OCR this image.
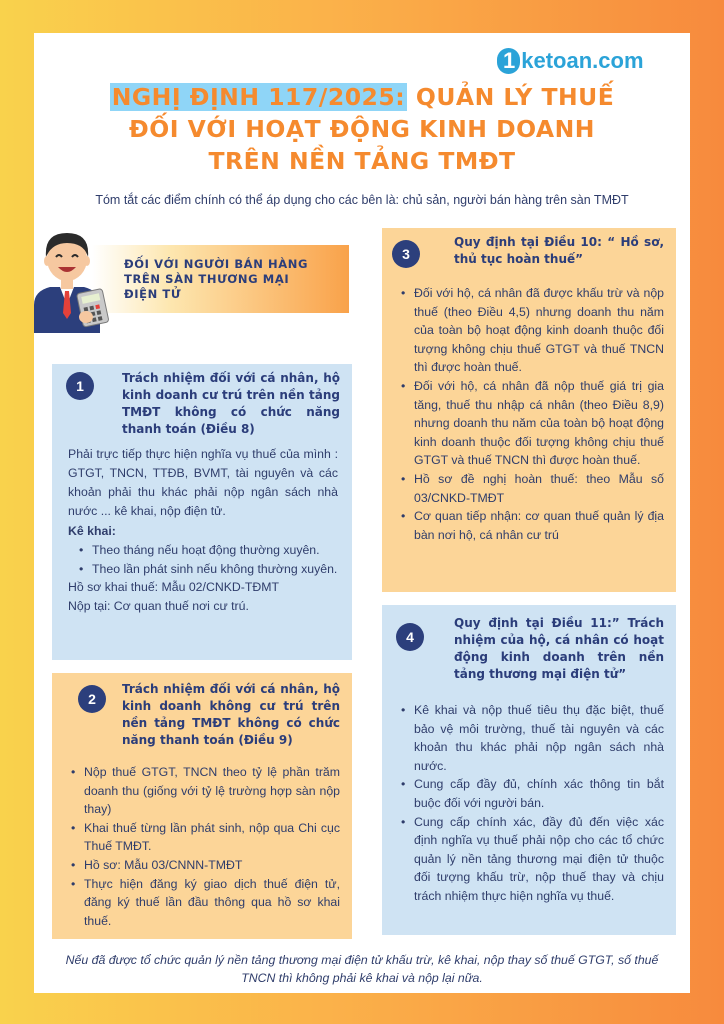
1 ketoan.com
NGHỊ ĐỊNH 117/2025: QUẢN LÝ THUẾ
ĐỐI VỚI HOẠT ĐỘNG KINH DOANH
TRÊN NỀN TẢNG TMĐT
Tóm tắt các điểm chính có thể áp dụng cho các bên là: chủ sản, người bán hàng trên sàn TMĐT
ĐỐI VỚI NGƯỜI BÁN HÀNG
TRÊN SÀN THƯƠNG MẠI
ĐIỆN TỬ
1	Trách nhiệm đối với cá nhân, hộ kinh doanh cư trú trên nền tảng TMĐT không có chức năng thanh toán (Điều 8)

Phải trực tiếp thực hiện nghĩa vụ thuế của mình : GTGT, TNCN, TTĐB, BVMT, tài nguyên và các khoản phải thu khác phải nộp ngân sách nhà nước ... kê khai, nộp điện tử.

Kê khai:

• Theo tháng nếu hoạt động thường xuyên.
• Theo lần phát sinh nếu không thường xuyên.

Hồ sơ khai thuế: Mẫu 02/CNKD-TĐMT

Nộp tại: Cơ quan thuế nơi cư trú.

2
Trách nhiệm đối với cá nhân, hộ kinh doanh không cư trú trên nền tảng TMĐT không có chức năng thanh toán (Điều 9)
• Nộp thuế GTGT, TNCN theo tỷ lệ phần trăm doanh thu (giống với tỷ lệ trường hợp sàn nộp thay)
• Khai thuế từng lần phát sinh, nộp qua Chi cục Thuế TMĐT.
• Hồ sơ: Mẫu 03/CNNN-TMĐT
• Thực hiện đăng ký giao dịch thuế điện tử, đăng ký thuế lần đầu thông qua hồ sơ khai thuế.
3
Quy định tại Điều 10: “ Hồ sơ, thủ tục hoàn thuế”
• Đối với hộ, cá nhân đã được khấu trừ và nộp thuế (theo Điều 4,5) nhưng doanh thu năm của toàn bộ hoạt động kinh doanh thuộc đối tượng không chịu thuế GTGT và thuế TNCN thì được hoàn thuế.
• Đối với hộ, cá nhân đã nộp thuế giá trị gia tăng, thuế thu nhập cá nhân (theo Điều 8,9) nhưng doanh thu năm của toàn bộ hoạt động kinh doanh thuộc đối tượng không chịu thuế GTGT và thuế TNCN thì được hoàn thuế.
• Hồ sơ đề nghị hoàn thuế: theo Mẫu số 03/CNKD-TMĐT
• Cơ quan tiếp nhận: cơ quan thuế quản lý địa bàn nơi hộ, cá nhân cư trú
4
Quy định tại Điều 11:” Trách nhiệm của hộ, cá nhân có hoạt động kinh doanh trên nền tảng thương mại điện tử”
• Kê khai và nộp thuế tiêu thụ đặc biệt, thuế bảo vệ môi trường, thuế tài nguyên và các khoản thu khác phải nộp ngân sách nhà nước.
• Cung cấp đầy đủ, chính xác thông tin bắt buộc đối với người bán.
• Cung cấp chính xác, đầy đủ đến việc xác định nghĩa vụ thuế phải nộp cho các tổ chức quản lý nền tảng thương mại điện tử thuộc đối tượng khấu trừ, nộp thuế thay và chịu trách nhiệm thực hiện nghĩa vụ thuế.
Nếu đã được tổ chức quản lý nền tảng thương mại điện tử khấu trừ, kê khai, nộp thay số thuế GTGT, số thuế TNCN thì không phải kê khai và nộp lại nữa.
